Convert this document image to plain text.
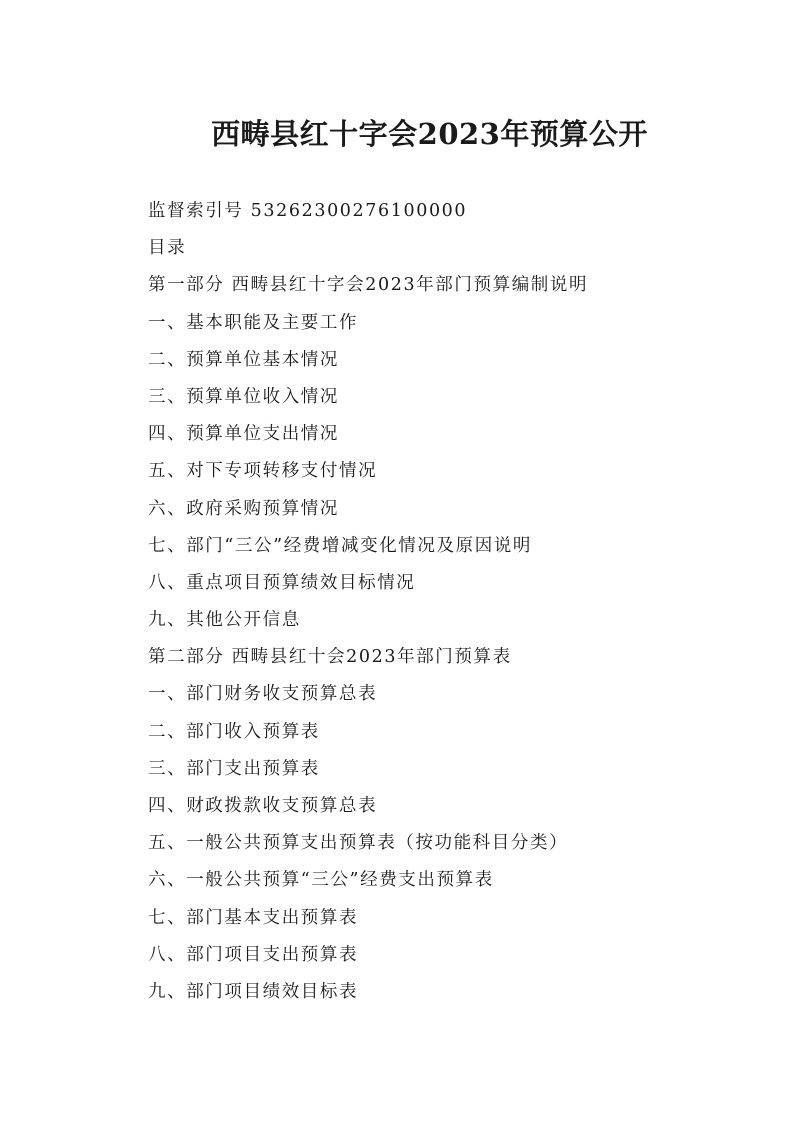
西畴县红十字会2023年预算公开
监督索引号 53262300276100000
目录
第一部分 西畴县红十字会2023年部门预算编制说明
一、基本职能及主要工作
二、预算单位基本情况
三、预算单位收入情况
四、预算单位支出情况
五、对下专项转移支付情况
六、政府采购预算情况
七、部门“三公”经费增减变化情况及原因说明
八、重点项目预算绩效目标情况
九、其他公开信息
第二部分 西畴县红十会2023年部门预算表
一、部门财务收支预算总表
二、部门收入预算表
三、部门支出预算表
四、财政拨款收支预算总表
五、一般公共预算支出预算表（按功能科目分类）
六、一般公共预算“三公”经费支出预算表
七、部门基本支出预算表
八、部门项目支出预算表
九、部门项目绩效目标表
